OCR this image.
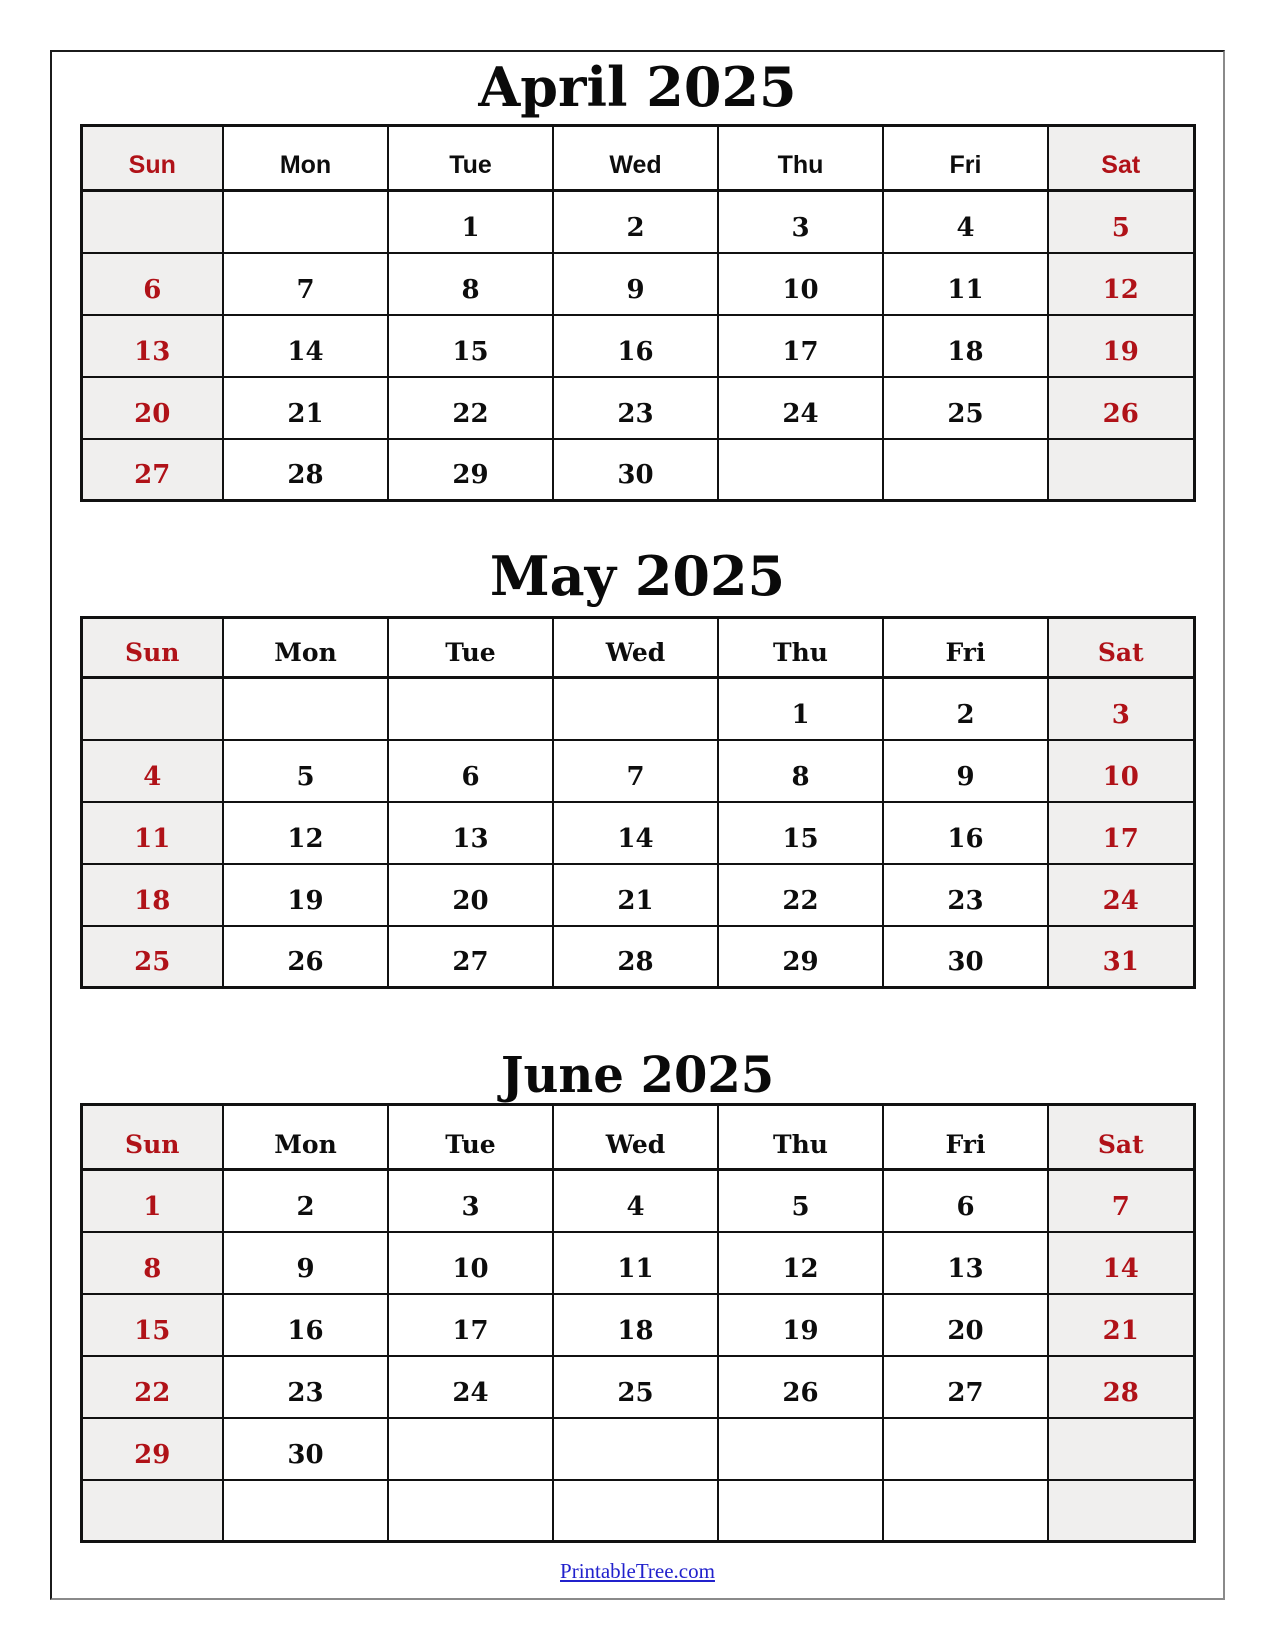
April 2025
Sun	Mon	Tue	Wed	Thu	Fri	Sat
		1	2	3	4	5
6	7	8	9	10	11	12
13	14	15	16	17	18	19
20	21	22	23	24	25	26
27	28	29	30			
May 2025
Sun	Mon	Tue	Wed	Thu	Fri	Sat
				1	2	3
4	5	6	7	8	9	10
11	12	13	14	15	16	17
18	19	20	21	22	23	24
25	26	27	28	29	30	31
June 2025
Sun	Mon	Tue	Wed	Thu	Fri	Sat
1	2	3	4	5	6	7
8	9	10	11	12	13	14
15	16	17	18	19	20	21
22	23	24	25	26	27	28
29	30					

PrintableTree.com
